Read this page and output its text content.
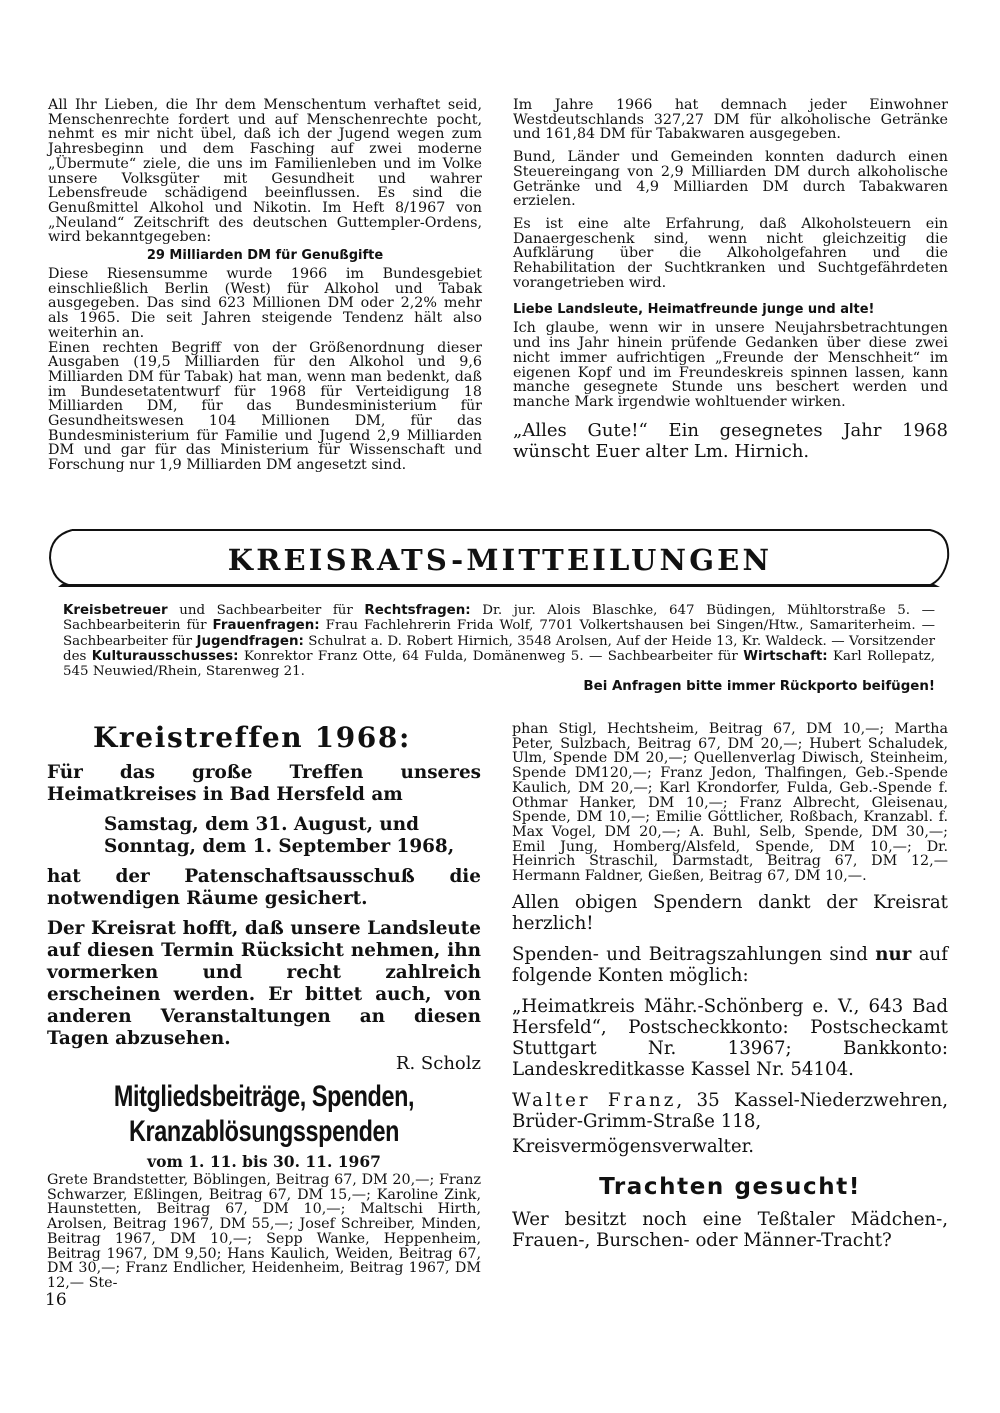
All Ihr Lieben, die Ihr dem Menschentum verhaftet seid, Menschenrechte fordert und auf Menschenrechte pocht, nehmt es mir nicht übel, daß ich der Jugend wegen zum Jahresbeginn und dem Fasching auf zwei moderne „Übermute“ ziele, die uns im Familienleben und im Volke unsere Volksgüter mit Gesundheit und wahrer Lebensfreude schädigend beeinflussen. Es sind die Genußmittel Alkohol und Nikotin. Im Heft 8/1967 von „Neuland“ Zeitschrift des deutschen Guttempler-Ordens, wird bekanntgegeben:

29 Milliarden DM für Genußgifte

Diese Riesensumme wurde 1966 im Bundesgebiet einschließlich Berlin (West) für Alkohol und Tabak ausgegeben. Das sind 623 Millionen DM oder 2,2% mehr als 1965. Die seit Jahren steigende Tendenz hält also weiterhin an.

Einen rechten Begriff von der Größenordnung dieser Ausgaben (19,5 Milliarden für den Alkohol und 9,6 Milliarden DM für Tabak) hat man, wenn man bedenkt, daß im Bundesetatentwurf für 1968 für Verteidigung 18 Milliarden DM, für das Bundesministerium für Gesundheitswesen 104 Millionen DM, für das Bundesministerium für Familie und Jugend 2,9 Milliarden DM und gar für das Ministerium für Wissenschaft und Forschung nur 1,9 Milliarden DM angesetzt sind.

Im Jahre 1966 hat demnach jeder Einwohner Westdeutschlands 327,27 DM für alkoholische Getränke und 161,84 DM für Tabakwaren ausgegeben.

Bund, Länder und Gemeinden konnten dadurch einen Steuereingang von 2,9 Milliarden DM durch alkoholische Getränke und 4,9 Milliarden DM durch Tabakwaren erzielen.

Es ist eine alte Erfahrung, daß Alkoholsteuern ein Danaergeschenk sind, wenn nicht gleichzeitig die Aufklärung über die Alkoholgefahren und die Rehabilitation der Suchtkranken und Suchtgefährdeten vorangetrieben wird.

Liebe Landsleute, Heimatfreunde junge und alte!

Ich glaube, wenn wir in unsere Neujahrsbetrachtungen und ins Jahr hinein prüfende Gedanken über diese zwei nicht immer aufrichtigen „Freunde der Menschheit“ im eigenen Kopf und im Freundeskreis spinnen lassen, kann manche gesegnete Stunde uns beschert werden und manche Mark irgendwie wohltuender wirken.

„Alles Gute!“ Ein gesegnetes Jahr 1968 wünscht Euer alter Lm. Hirnich.

KREISRATS-MITTEILUNGEN

Kreisbetreuer und Sachbearbeiter für Rechtsfragen: Dr. jur. Alois Blaschke, 647 Büdingen, Mühltorstraße 5. — Sachbearbeiterin für Frauenfragen: Frau Fachlehrerin Frida Wolf, 7701 Volkertshausen bei Singen/Htw., Samariterheim. — Sachbearbeiter für Jugendfragen: Schulrat a. D. Robert Hirnich, 3548 Arolsen, Auf der Heide 13, Kr. Waldeck. — Vorsitzender des Kulturausschusses: Konrektor Franz Otte, 64 Fulda, Domänenweg 5. — Sachbearbeiter für Wirtschaft: Karl Rollepatz, 545 Neuwied/Rhein, Starenweg 21.

Bei Anfragen bitte immer Rückporto beifügen!

Kreistreffen 1968:

Für das große Treffen unseres Heimatkreises in Bad Hersfeld am

Samstag, dem 31. August, und

Sonntag, dem 1. September 1968,

hat der Patenschaftsausschuß die notwendigen Räume gesichert.

Der Kreisrat hofft, daß unsere Landsleute auf diesen Termin Rücksicht nehmen, ihn vormerken und recht zahlreich erscheinen werden. Er bittet auch, von anderen Veranstaltungen an diesen Tagen abzusehen.

R. Scholz

Mitgliedsbeiträge, Spenden,
Kranzablösungsspenden

vom 1. 11. bis 30. 11. 1967

Grete Brandstetter, Böblingen, Beitrag 67, DM 20,—; Franz Schwarzer, Eßlingen, Beitrag 67, DM 15,—; Karoline Zink, Haunstetten, Beitrag 67, DM 10,—; Maltschi Hirth, Arolsen, Beitrag 1967, DM 55,—; Josef Schreiber, Minden, Beitrag 1967, DM 10,—; Sepp Wanke, Heppenheim, Beitrag 1967, DM 9,50; Hans Kaulich, Weiden, Beitrag 67, DM 30,—; Franz Endlicher, Heidenheim, Beitrag 1967, DM 12,— Ste-

phan Stigl, Hechtsheim, Beitrag 67, DM 10,—; Martha Peter, Sulzbach, Beitrag 67, DM 20,—; Hubert Schaludek, Ulm, Spende DM 20,—; Quellenverlag Diwisch, Steinheim, Spende DM120,—; Franz Jedon, Thalfingen, Geb.-Spende Kaulich, DM 20,—; Karl Krondorfer, Fulda, Geb.-Spende f. Othmar Hanker, DM 10,—; Franz Albrecht, Gleisenau, Spende, DM 10,—; Emilie Göttlicher, Roßbach, Kranzabl. f. Max Vogel, DM 20,—; A. Buhl, Selb, Spende, DM 30,—; Emil Jung, Homberg/Alsfeld, Spende, DM 10,—; Dr. Heinrich Straschil, Darmstadt, Beitrag 67, DM 12,— Hermann Faldner, Gießen, Beitrag 67, DM 10,—.

Allen obigen Spendern dankt der Kreisrat herzlich!

Spenden- und Beitragszahlungen sind nur auf folgende Konten möglich:

„Heimatkreis Mähr.-Schönberg e. V., 643 Bad Hersfeld“, Postscheckkonto: Postscheckamt Stuttgart Nr. 13967; Bankkonto: Landeskreditkasse Kassel Nr. 54104.

Walter Franz, 35 Kassel-Niederzwehren, Brüder-Grimm-Straße 118,

Kreisvermögensverwalter.

Trachten gesucht!

Wer besitzt noch eine Teßtaler Mädchen-, Frauen-, Burschen- oder Männer-Tracht?

16
